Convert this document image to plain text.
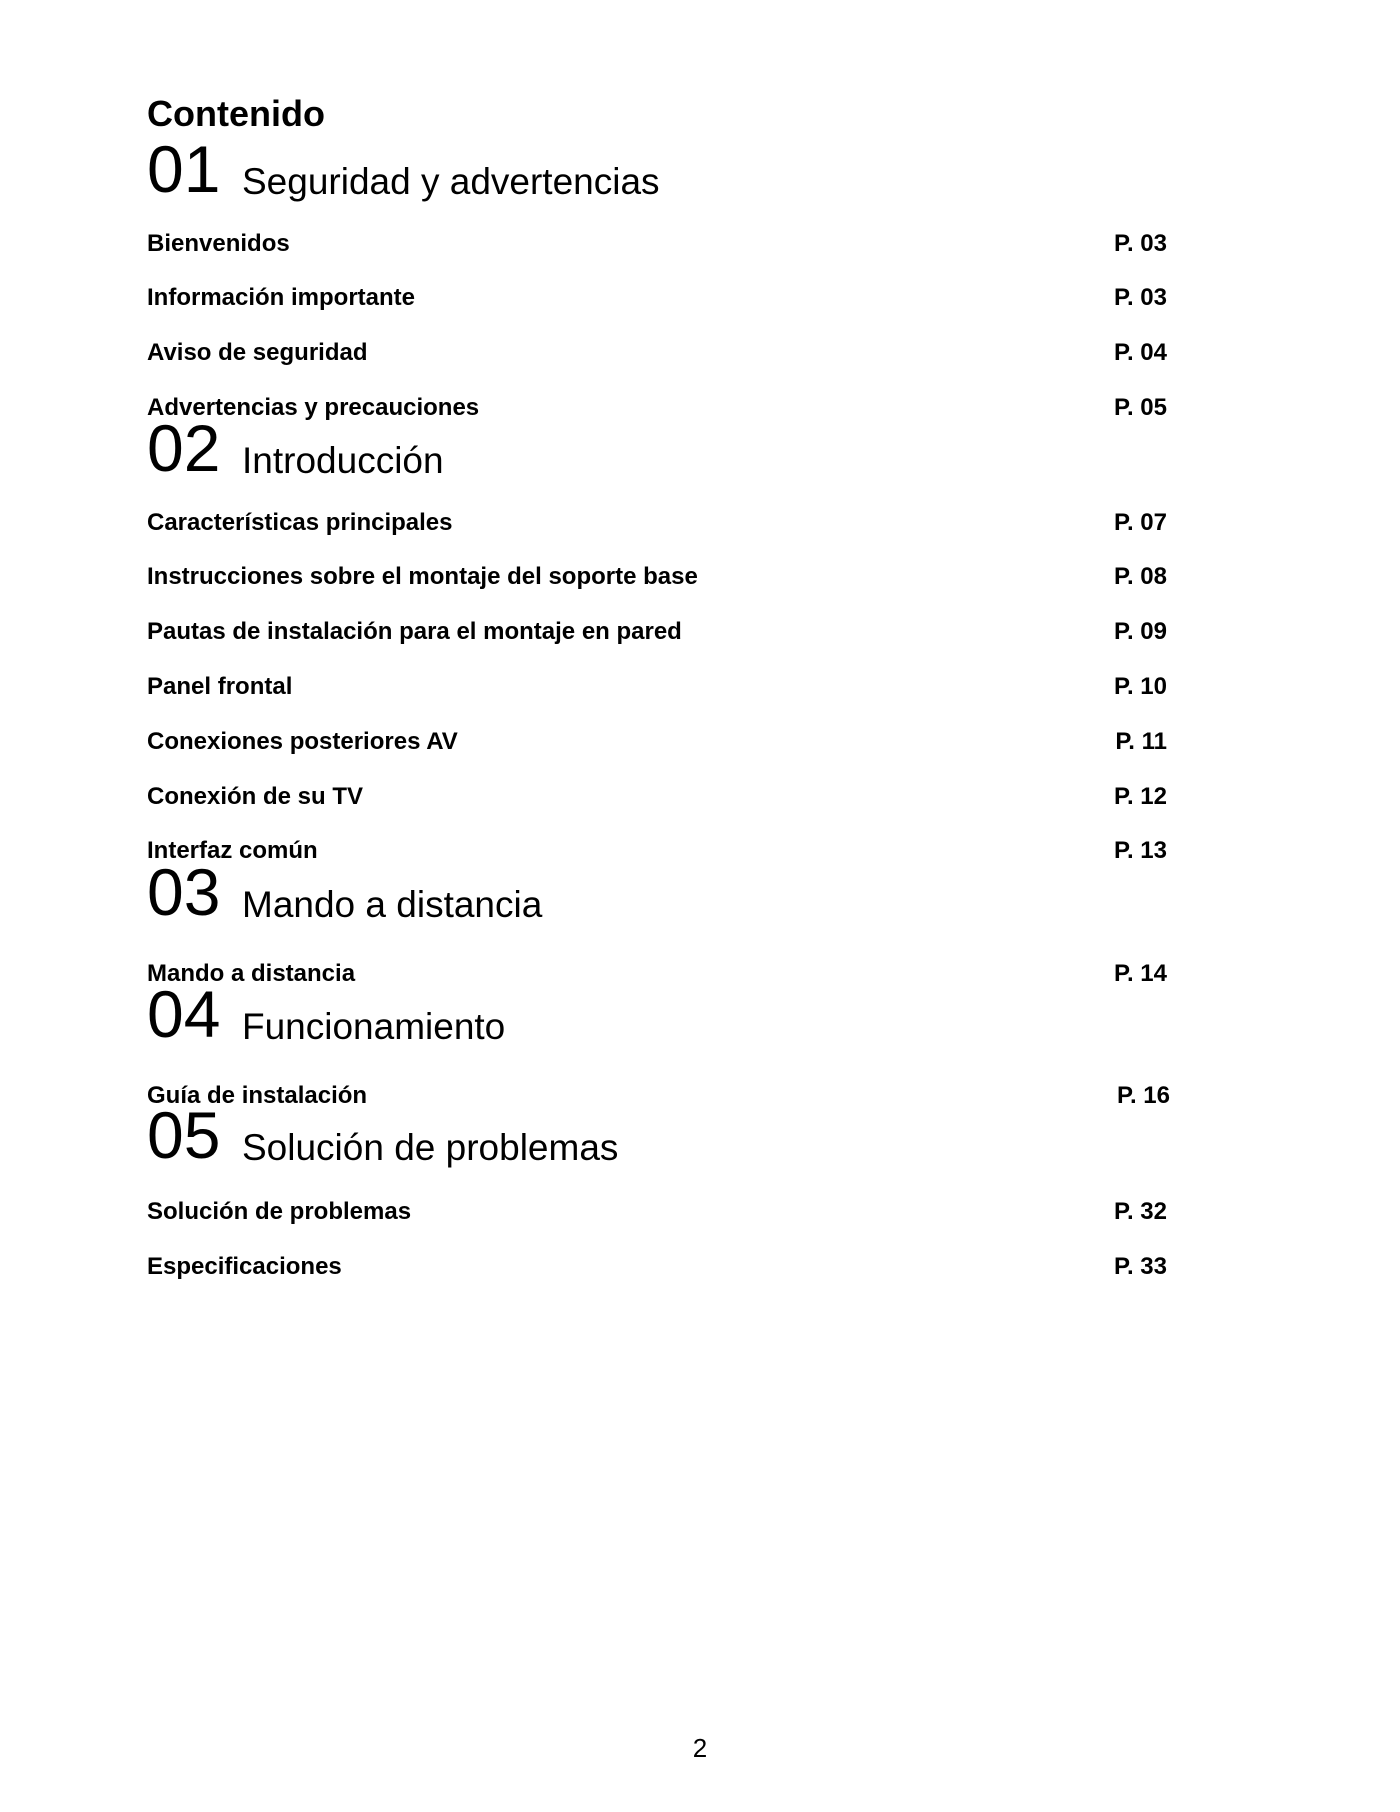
Contenido
01 Seguridad y advertencias
Bienvenidos	P. 03
Información importante	P. 03
Aviso de seguridad	P. 04
Advertencias y precauciones	P. 05
02 Introducción
Características principales	P. 07
Instrucciones sobre el montaje del soporte base	P. 08
Pautas de instalación para el montaje en pared	P. 09
Panel frontal	P. 10
Conexiones posteriores AV	P. 11
Conexión de su TV	P. 12
Interfaz común	P. 13
03 Mando a distancia
Mando a distancia	P. 14
04 Funcionamiento
Guía de instalación	P. 16
05 Solución de problemas
Solución de problemas	P. 32
Especificaciones	P. 33
2
